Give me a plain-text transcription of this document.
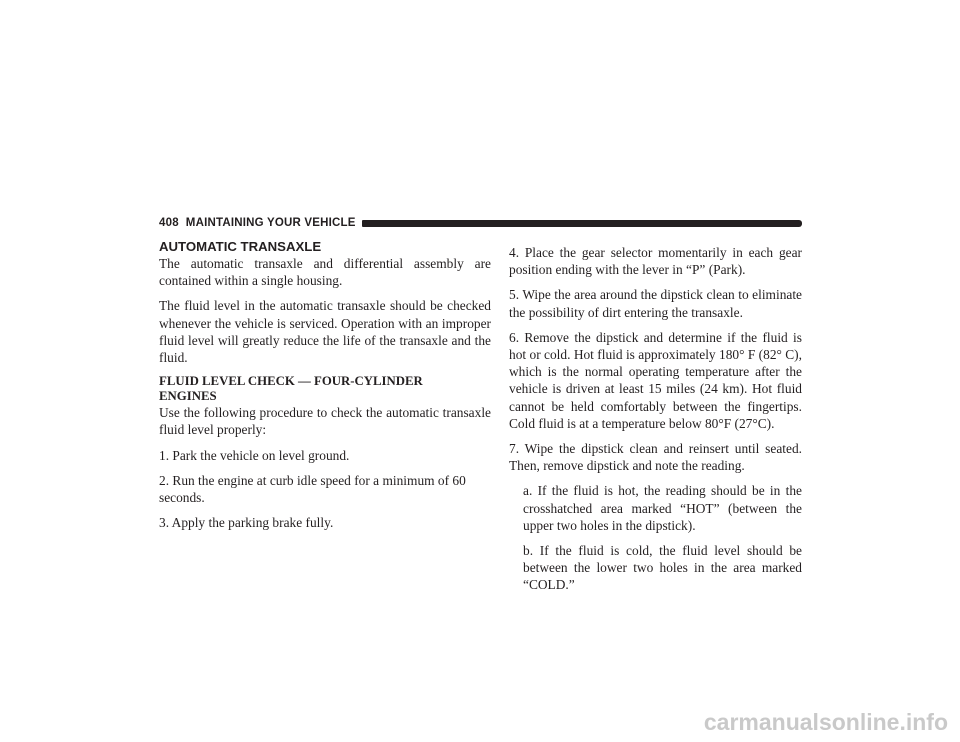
408 MAINTAINING YOUR VEHICLE
AUTOMATIC TRANSAXLE

The automatic transaxle and differential assembly are contained within a single housing.

The fluid level in the automatic transaxle should be checked whenever the vehicle is serviced. Operation with an improper fluid level will greatly reduce the life of the transaxle and the fluid.

FLUID LEVEL CHECK — FOUR-CYLINDER ENGINES

Use the following procedure to check the automatic transaxle fluid level properly:

1. Park the vehicle on level ground.

2. Run the engine at curb idle speed for a minimum of 60 seconds.

3. Apply the parking brake fully.

4. Place the gear selector momentarily in each gear position ending with the lever in “P” (Park).

5. Wipe the area around the dipstick clean to eliminate the possibility of dirt entering the transaxle.

6. Remove the dipstick and determine if the fluid is hot or cold. Hot fluid is approximately 180° F (82° C), which is the normal operating temperature after the vehicle is driven at least 15 miles (24 km). Hot fluid cannot be held comfortably between the fingertips. Cold fluid is at a temperature below 80°F (27°C).

7. Wipe the dipstick clean and reinsert until seated. Then, remove dipstick and note the reading.

a. If the fluid is hot, the reading should be in the crosshatched area marked “HOT” (between the upper two holes in the dipstick).

b. If the fluid is cold, the fluid level should be between the lower two holes in the area marked “COLD.”

carmanualsonline.info
